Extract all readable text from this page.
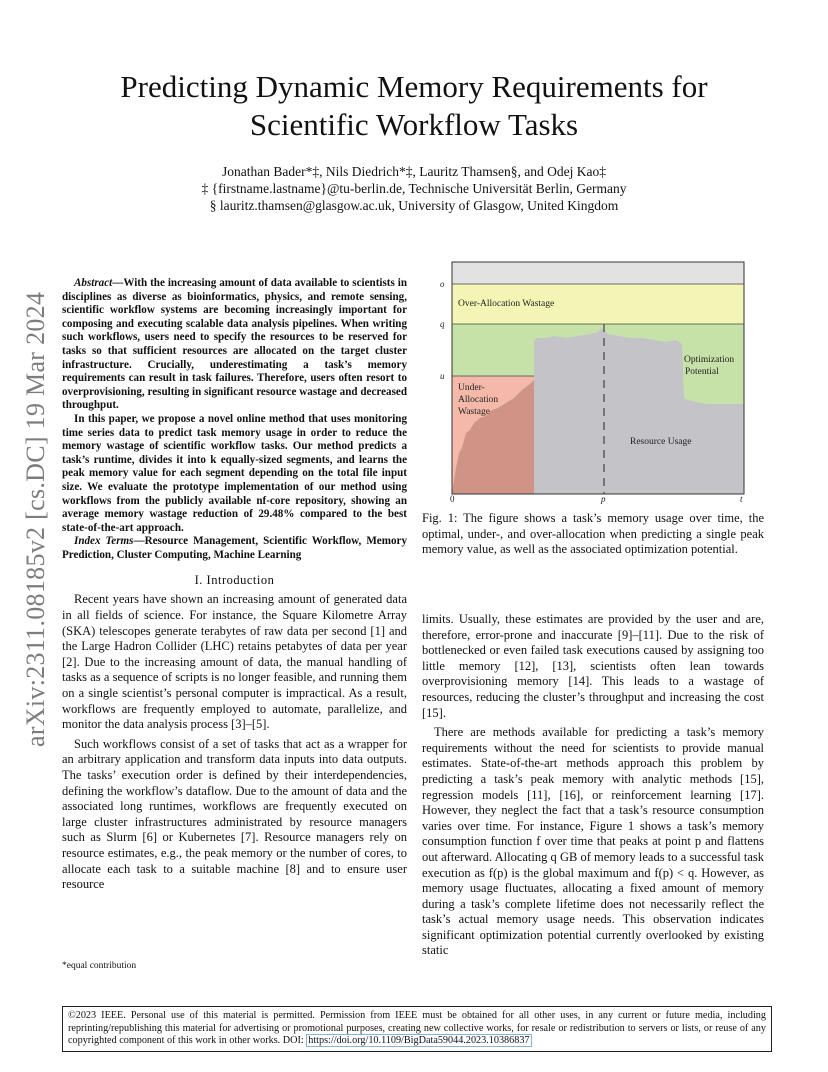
arXiv:2311.08185v2 [cs.DC] 19 Mar 2024
Predicting Dynamic Memory Requirements for Scientific Workflow Tasks
Jonathan Bader*‡, Nils Diedrich*‡, Lauritz Thamsen§, and Odej Kao‡
‡ {firstname.lastname}@tu-berlin.de, Technische Universität Berlin, Germany
§ lauritz.thamsen@glasgow.ac.uk, University of Glasgow, United Kingdom

Abstract—With the increasing amount of data available to scientists in disciplines as diverse as bioinformatics, physics, and remote sensing, scientific workflow systems are becoming increasingly important for composing and executing scalable data analysis pipelines. When writing such workflows, users need to specify the resources to be reserved for tasks so that sufficient resources are allocated on the target cluster infrastructure. Crucially, underestimating a task’s memory requirements can result in task failures. Therefore, users often resort to overprovisioning, resulting in significant resource wastage and decreased throughput.

In this paper, we propose a novel online method that uses monitoring time series data to predict task memory usage in order to reduce the memory wastage of scientific workflow tasks. Our method predicts a task’s runtime, divides it into k equally-sized segments, and learns the peak memory value for each segment depending on the total file input size. We evaluate the prototype implementation of our method using workflows from the publicly available nf-core repository, showing an average memory wastage reduction of 29.48% compared to the best state-of-the-art approach.

Index Terms—Resource Management, Scientific Workflow, Memory Prediction, Cluster Computing, Machine Learning

I. Introduction

Recent years have shown an increasing amount of generated data in all fields of science. For instance, the Square Kilometre Array (SKA) telescopes generate terabytes of raw data per second [1] and the Large Hadron Collider (LHC) retains petabytes of data per year [2]. Due to the increasing amount of data, the manual handling of tasks as a sequence of scripts is no longer feasible, and running them on a single scientist’s personal computer is impractical. As a result, workflows are frequently employed to automate, parallelize, and monitor the data analysis process [3]–[5].

Such workflows consist of a set of tasks that act as a wrapper for an arbitrary application and transform data inputs into data outputs. The tasks’ execution order is defined by their interdependencies, defining the workflow’s dataflow. Due to the amount of data and the associated long runtimes, workflows are frequently executed on large cluster infrastructures administrated by resource managers such as Slurm [6] or Kubernetes [7]. Resource managers rely on resource estimates, e.g., the peak memory or the number of cores, to allocate each task to a suitable machine [8] and to ensure user resource

*equal contribution
Over-Allocation Wastage
Under-
Allocation
Wastage
Optimization
Potential
Resource Usage
o
q
u
0	p	t
Fig. 1: The figure shows a task’s memory usage over time, the optimal, under-, and over-allocation when predicting a single peak memory value, as well as the associated optimization potential.

limits. Usually, these estimates are provided by the user and are, therefore, error-prone and inaccurate [9]–[11]. Due to the risk of bottlenecked or even failed task executions caused by assigning too little memory [12], [13], scientists often lean towards overprovisioning memory [14]. This leads to a wastage of resources, reducing the cluster’s throughput and increasing the cost [15].

There are methods available for predicting a task’s memory requirements without the need for scientists to provide manual estimates. State-of-the-art methods approach this problem by predicting a task’s peak memory with analytic methods [15], regression models [11], [16], or reinforcement learning [17]. However, they neglect the fact that a task’s resource consumption varies over time. For instance, Figure 1 shows a task’s memory consumption function f over time that peaks at point p and flattens out afterward. Allocating q GB of memory leads to a successful task execution as f(p) is the global maximum and f(p) < q. However, as memory usage fluctuates, allocating a fixed amount of memory during a task’s complete lifetime does not necessarily reflect the task’s actual memory usage needs. This observation indicates significant optimization potential currently overlooked by existing static

©2023 IEEE. Personal use of this material is permitted. Permission from IEEE must be obtained for all other uses, in any current or future media, including reprinting/republishing this material for advertising or promotional purposes, creating new collective works, for resale or redistribution to servers or lists, or reuse of any copyrighted component of this work in other works. DOI: https://doi.org/10.1109/BigData59044.2023.10386837
